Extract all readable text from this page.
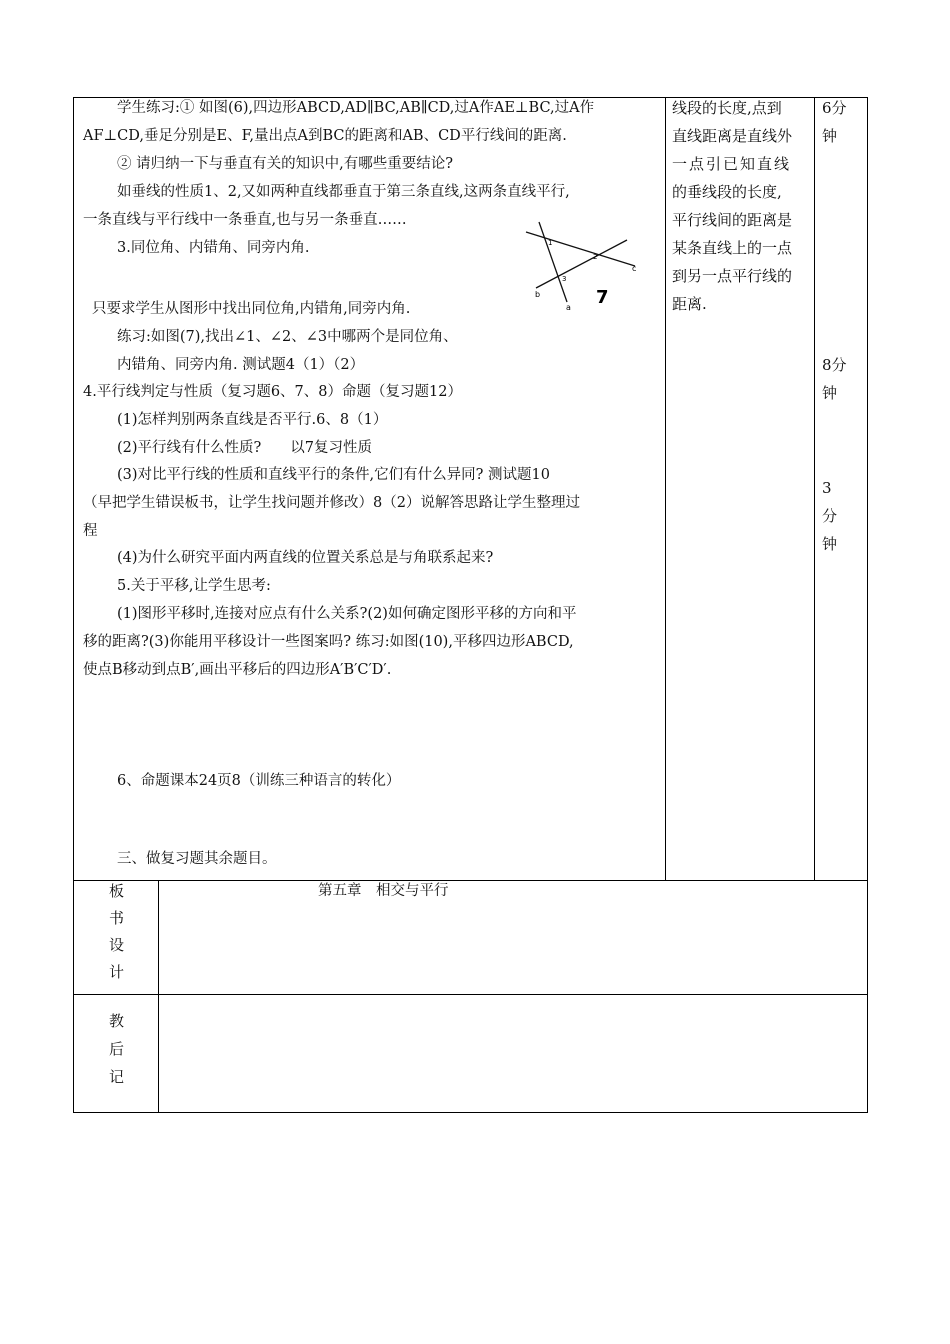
学生练习:① 如图(6),四边形ABCD,AD∥BC,AB∥CD,过A作AE⊥BC,过A作
AF⊥CD,垂足分别是E、F,量出点A到BC的距离和AB、CD平行线间的距离.
② 请归纳一下与垂直有关的知识中,有哪些重要结论?
如垂线的性质1、2,又如两种直线都垂直于第三条直线,这两条直线平行,
一条直线与平行线中一条垂直,也与另一条垂直……
3.同位角、内错角、同旁内角.
只要求学生从图形中找出同位角,内错角,同旁内角.
练习:如图(7),找出∠1、∠2、∠3中哪两个是同位角、
内错角、同旁内角. 测试题4（1）（2）
4.平行线判定与性质（复习题6、7、8）命题（复习题12）
(1)怎样判别两条直线是否平行.6、8（1）
(2)平行线有什么性质?　　以7复习性质
(3)对比平行线的性质和直线平行的条件,它们有什么异同? 测试题10
（早把学生错误板书，让学生找问题并修改）8（2）说解答思路让学生整理过
程
(4)为什么研究平面内两直线的位置关系总是与角联系起来?
5.关于平移,让学生思考:
(1)图形平移时,连接对应点有什么关系?(2)如何确定图形平移的方向和平
移的距离?(3)你能用平移设计一些图案吗? 练习:如图(10),平移四边形ABCD,
使点B移动到点B′,画出平移后的四边形A′B′C′D′.
6、命题课本24页8（训练三种语言的转化）
三、做复习题其余题目。
1
2
3
a
b
c
7
线段的长度,点到
直线距离是直线外
一点引已知直线
的垂线段的长度,
平行线间的距离是
某条直线上的一点
到另一点平行线的
距离.
6分
钟
8分
钟
3
分
钟
板
书
设
计
第五章　相交与平行
教
后
记
